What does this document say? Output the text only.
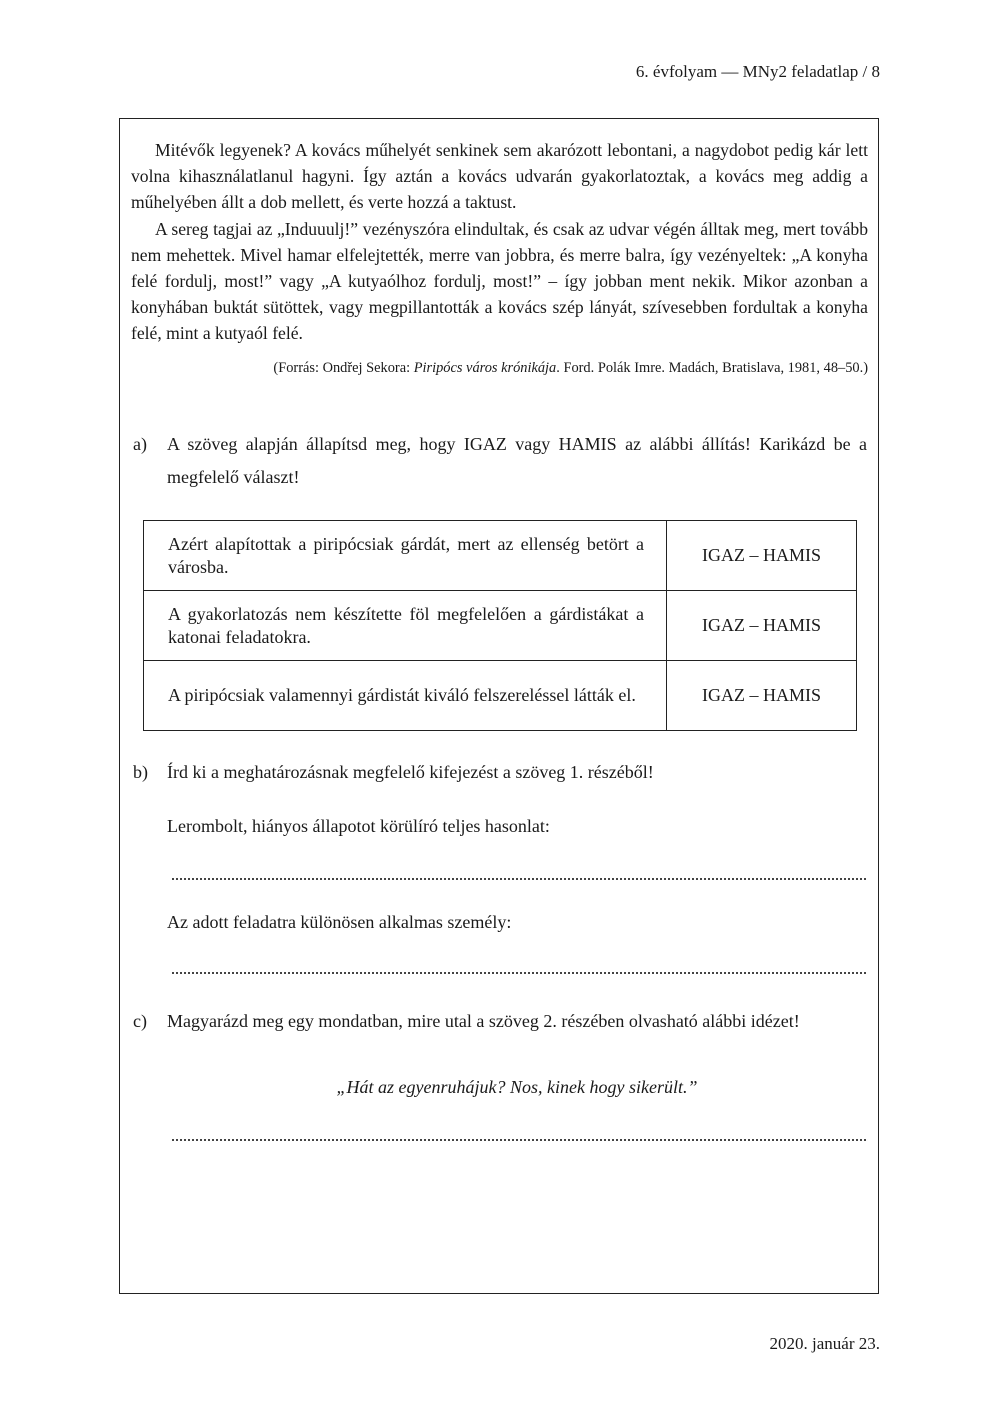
6. évfolyam — MNy2 feladatlap / 8

Mitévők legyenek? A kovács műhelyét senkinek sem akarózott lebontani, a nagydobot pedig kár lett volna kihasználatlanul hagyni. Így aztán a kovács udvarán gyakorlatoztak, a kovács meg addig a műhelyében állt a dob mellett, és verte hozzá a taktust.

A sereg tagjai az „Induuulj!” vezényszóra elindultak, és csak az udvar végén álltak meg, mert tovább nem mehettek. Mivel hamar elfelejtették, merre van jobbra, és merre balra, így vezényeltek: „A konyha felé fordulj, most!” vagy „A kutyaólhoz fordulj, most!” – így jobban ment nekik. Mikor azonban a konyhában buktát sütöttek, vagy megpillantották a kovács szép lányát, szívesebben fordultak a konyha felé, mint a kutyaól felé.

(Forrás: Ondřej Sekora: Piripócs város krónikája. Ford. Polák Imre. Madách, Bratislava, 1981, 48–50.)
a) A szöveg alapján állapítsd meg, hogy IGAZ vagy HAMIS az alábbi állítás! Karikázd be a megfelelő választ!
Azért alapítottak a piripócsiak gárdát, mert az ellenség betört a városba.	IGAZ – HAMIS
A gyakorlatozás nem készítette föl megfelelően a gárdistákat a katonai feladatokra.	IGAZ – HAMIS
A piripócsiak valamennyi gárdistát kiváló felszereléssel látták el.	IGAZ – HAMIS
b) Írd ki a meghatározásnak megfelelő kifejezést a szöveg 1. részéből!
Lerombolt, hiányos állapotot körülíró teljes hasonlat:
Az adott feladatra különösen alkalmas személy:
c) Magyarázd meg egy mondatban, mire utal a szöveg 2. részében olvasható alábbi idézet!
„Hát az egyenruhájuk? Nos, kinek hogy sikerült.”
2020. január 23.
